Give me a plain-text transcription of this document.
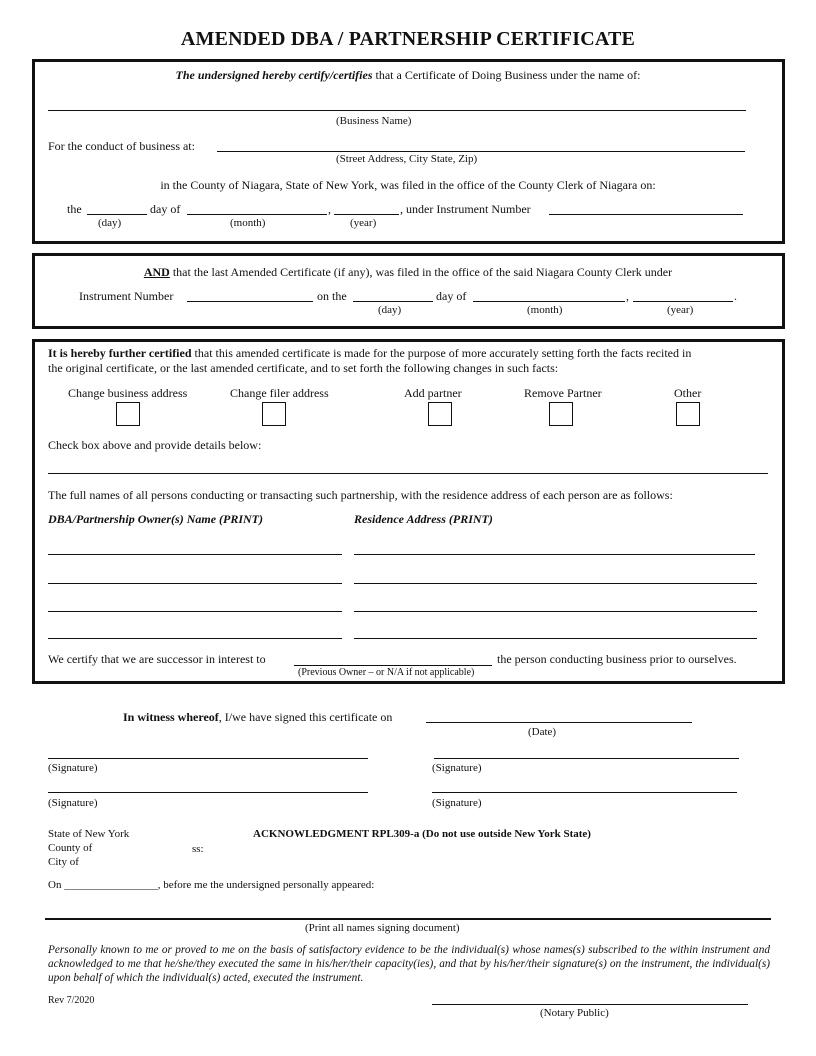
AMENDED DBA / PARTNERSHIP CERTIFICATE
The undersigned hereby certify/certifies that a Certificate of Doing Business under the name of:
(Business Name)
For the conduct of business at:
(Street Address, City State, Zip)
in the County of Niagara, State of New York, was filed in the office of the County Clerk of Niagara on:
the	day of	,	, under Instrument Number
(day)	(month)	(year)
AND that the last Amended Certificate (if any), was filed in the office of the said Niagara County Clerk under
Instrument Number	on the	day of	,	.
(day)	(month)	(year)
It is hereby further certified that this amended certificate is made for the purpose of more accurately setting forth the facts recited in
the original certificate, or the last amended certificate, and to set forth the following changes in such facts:
Change business address	Change filer address	Add partner	Remove Partner	Other
Check box above and provide details below:
The full names of all persons conducting or transacting such partnership, with the residence address of each person are as follows:
DBA/Partnership Owner(s) Name (PRINT)	Residence Address (PRINT)
We certify that we are successor in interest to	the person conducting business prior to ourselves.
(Previous Owner – or N/A if not applicable)
In witness whereof, I/we have signed this certificate on
(Date)
(Signature)	(Signature)
(Signature)	(Signature)
State of New York
County of	ss:
City of
ACKNOWLEDGMENT RPL309-a (Do not use outside New York State)
On _________________, before me the undersigned personally appeared:
(Print all names signing document)
Personally known to me or proved to me on the basis of satisfactory evidence to be the individual(s) whose names(s) subscribed to the within instrument and acknowledged to me that he/she/they executed the same in his/her/their capacity(ies), and that by his/her/their signature(s) on the instrument, the individual(s) upon behalf of which the individual(s) acted, executed the instrument.
Rev 7/2020
(Notary Public)
